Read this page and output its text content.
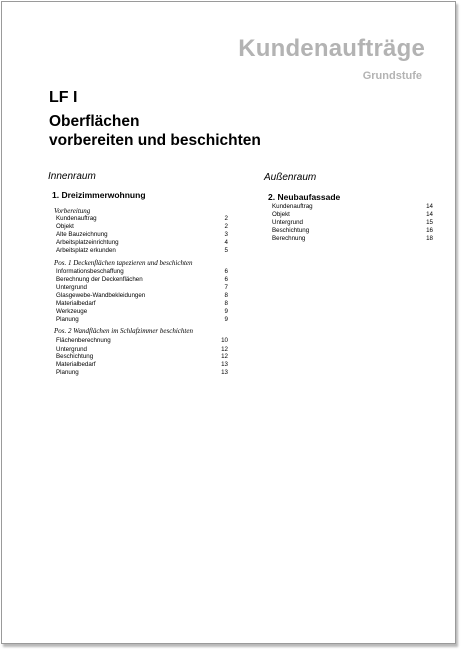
Kundenaufträge
Grundstufe
LF I
Oberflächen
vorbereiten und beschichten
Innenraum
1. Dreizimmerwohnung
Vorbereitung
Kundenauftrag	2
Objekt	2
Alte Bauzeichnung	3
Arbeitsplatzeinrichtung	4
Arbeitsplatz erkunden	5
Pos. 1 Deckenflächen tapezieren und beschichten
Informationsbeschaffung	6
Berechnung der Deckenflächen	6
Untergrund	7
Glasgewebe-Wandbekleidungen	8
Materialbedarf	8
Werkzeuge	9
Planung	9
Pos. 2 Wandflächen im Schlafzimmer beschichten
Flächenberechnung	10
Untergrund	12
Beschichtung	12
Materialbedarf	13
Planung	13
Außenraum
2. Neubaufassade
Kundenauftrag	14
Objekt	14
Untergrund	15
Beschichtung	16
Berechnung	18
